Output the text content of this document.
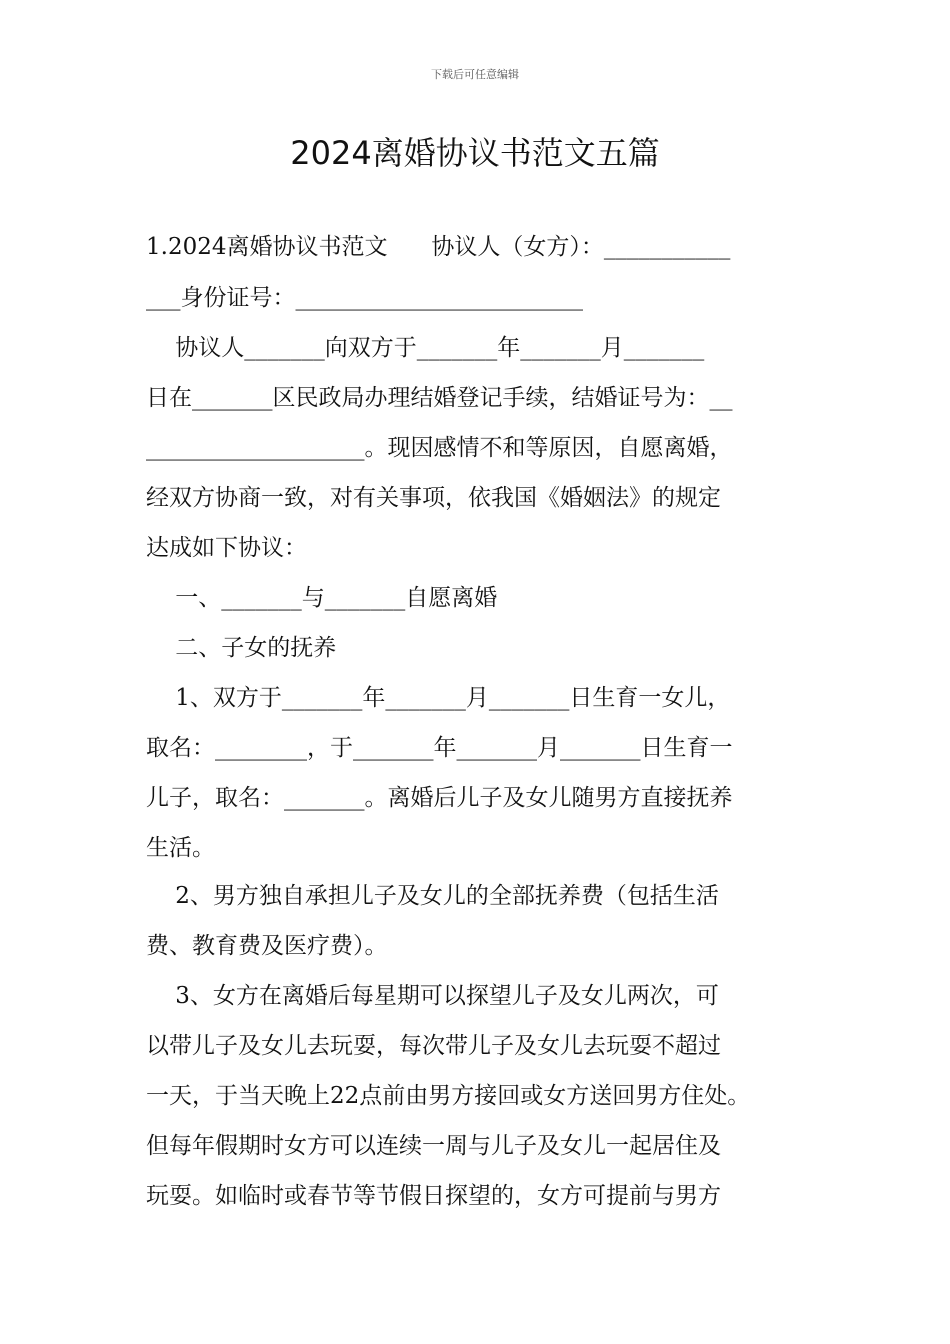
下载后可任意编辑
2024离婚协议书范文五篇
1.2024离婚协议书范文      协议人（女方）：___________
___身份证号：_________________________
协议人_______向双方于_______年_______月_______
日在_______区民政局办理结婚登记手续，结婚证号为：__
___________________。现因感情不和等原因，自愿离婚，
经双方协商一致，对有关事项，依我国《婚姻法》的规定
达成如下协议：
一、_______与_______自愿离婚
二、子女的抚养
1、双方于_______年_______月_______日生育一女儿，
取名：________，于_______年_______月_______日生育一
儿子，取名：_______。离婚后儿子及女儿随男方直接抚养
生活。
2、男方独自承担儿子及女儿的全部抚养费（包括生活
费、教育费及医疗费）。
3、女方在离婚后每星期可以探望儿子及女儿两次，可
以带儿子及女儿去玩耍，每次带儿子及女儿去玩耍不超过
一天，于当天晚上22点前由男方接回或女方送回男方住处。
但每年假期时女方可以连续一周与儿子及女儿一起居住及
玩耍。如临时或春节等节假日探望的，女方可提前与男方
